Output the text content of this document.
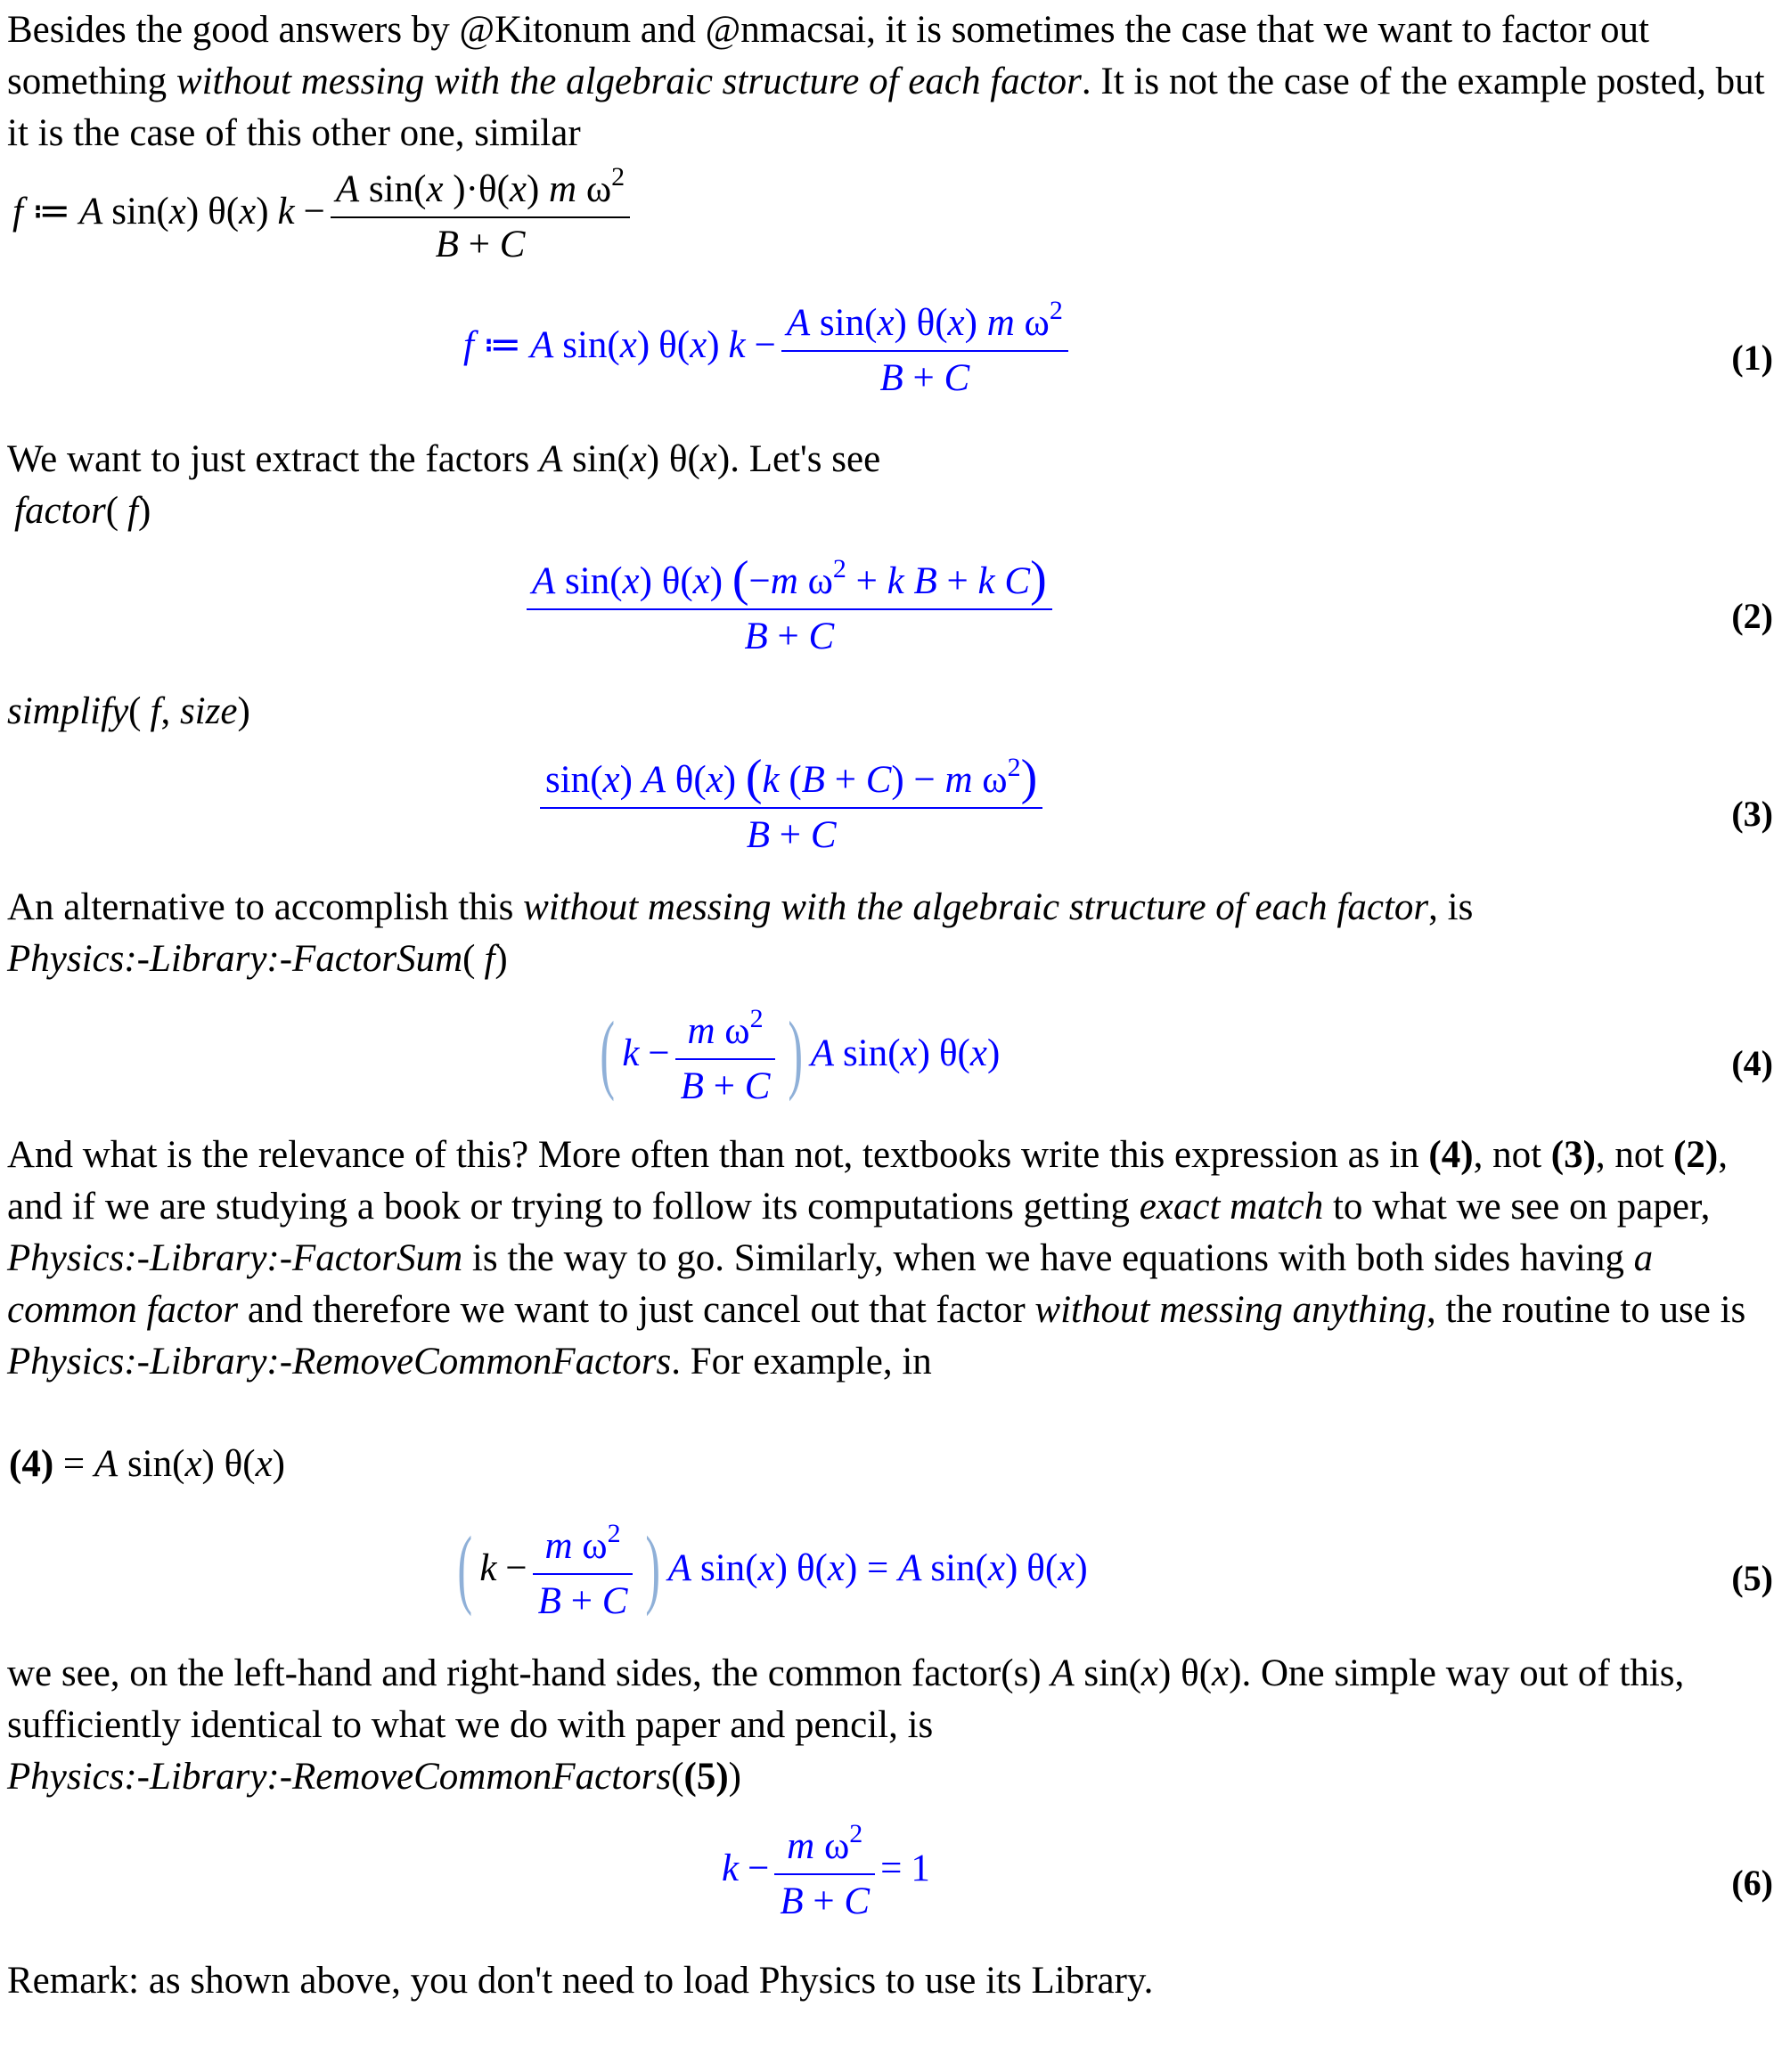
Besides the good answers by @Kitonum and @nmacsai, it is sometimes the case that we want to factor out something without messing with the algebraic structure of each factor. It is not the case of the example posted, but it is the case of this other one, similar
f ≔ A sin ( x ) θ ( x ) $k - \frac{A \sin(x )\cdot\theta(x) m \omega^2}{B + C}$
f ≔ A sin ( x ) θ ( x ) $k - \frac{A \sin(x) \theta(x) m \omega^2}{B + C}$	(1)
We want to just extract the factors A sin(x) θ(x). Let's see
factor( f)
$\frac{A \sin(x) \theta(x) (-m \omega^2 + k B + k C)}{B + C}$	(2)
simplify( f, size)
$\frac{\sin(x) A \theta(x) (k (B + C) - m \omega^2)}{B + C}$	(3)
An alternative to accomplish this without messing with the algebraic structure of each factor, is
Physics:-Library:-FactorSum( f)
( $k - \frac{m \omega^2}{B + C}$ ) A sin ( x ) θ ( x )	(4)
And what is the relevance of this? More often than not, textbooks write this expression as in (4), not (3), not (2), and if we are studying a book or trying to follow its computations getting exact match to what we see on paper, Physics:-Library:-FactorSum is the way to go. Similarly, when we have equations with both sides having a common factor and therefore we want to just cancel out that factor without messing anything, the routine to use is Physics:-Library:-RemoveCommonFactors. For example, in
(4) = A sin(x) θ(x)
( $k - \frac{m \omega^2}{B + C}$ ) A sin(x) θ(x) = A sin(x) θ(x)	(5)
we see, on the left-hand and right-hand sides, the common factor(s) A sin(x) θ(x). One simple way out of this, sufficiently identical to what we do with paper and pencil, is
Physics:-Library:-RemoveCommonFactors((5))
$k - \frac{m \omega^2}{B + C} = 1$	(6)
Remark: as shown above, you don't need to load Physics to use its Library.
